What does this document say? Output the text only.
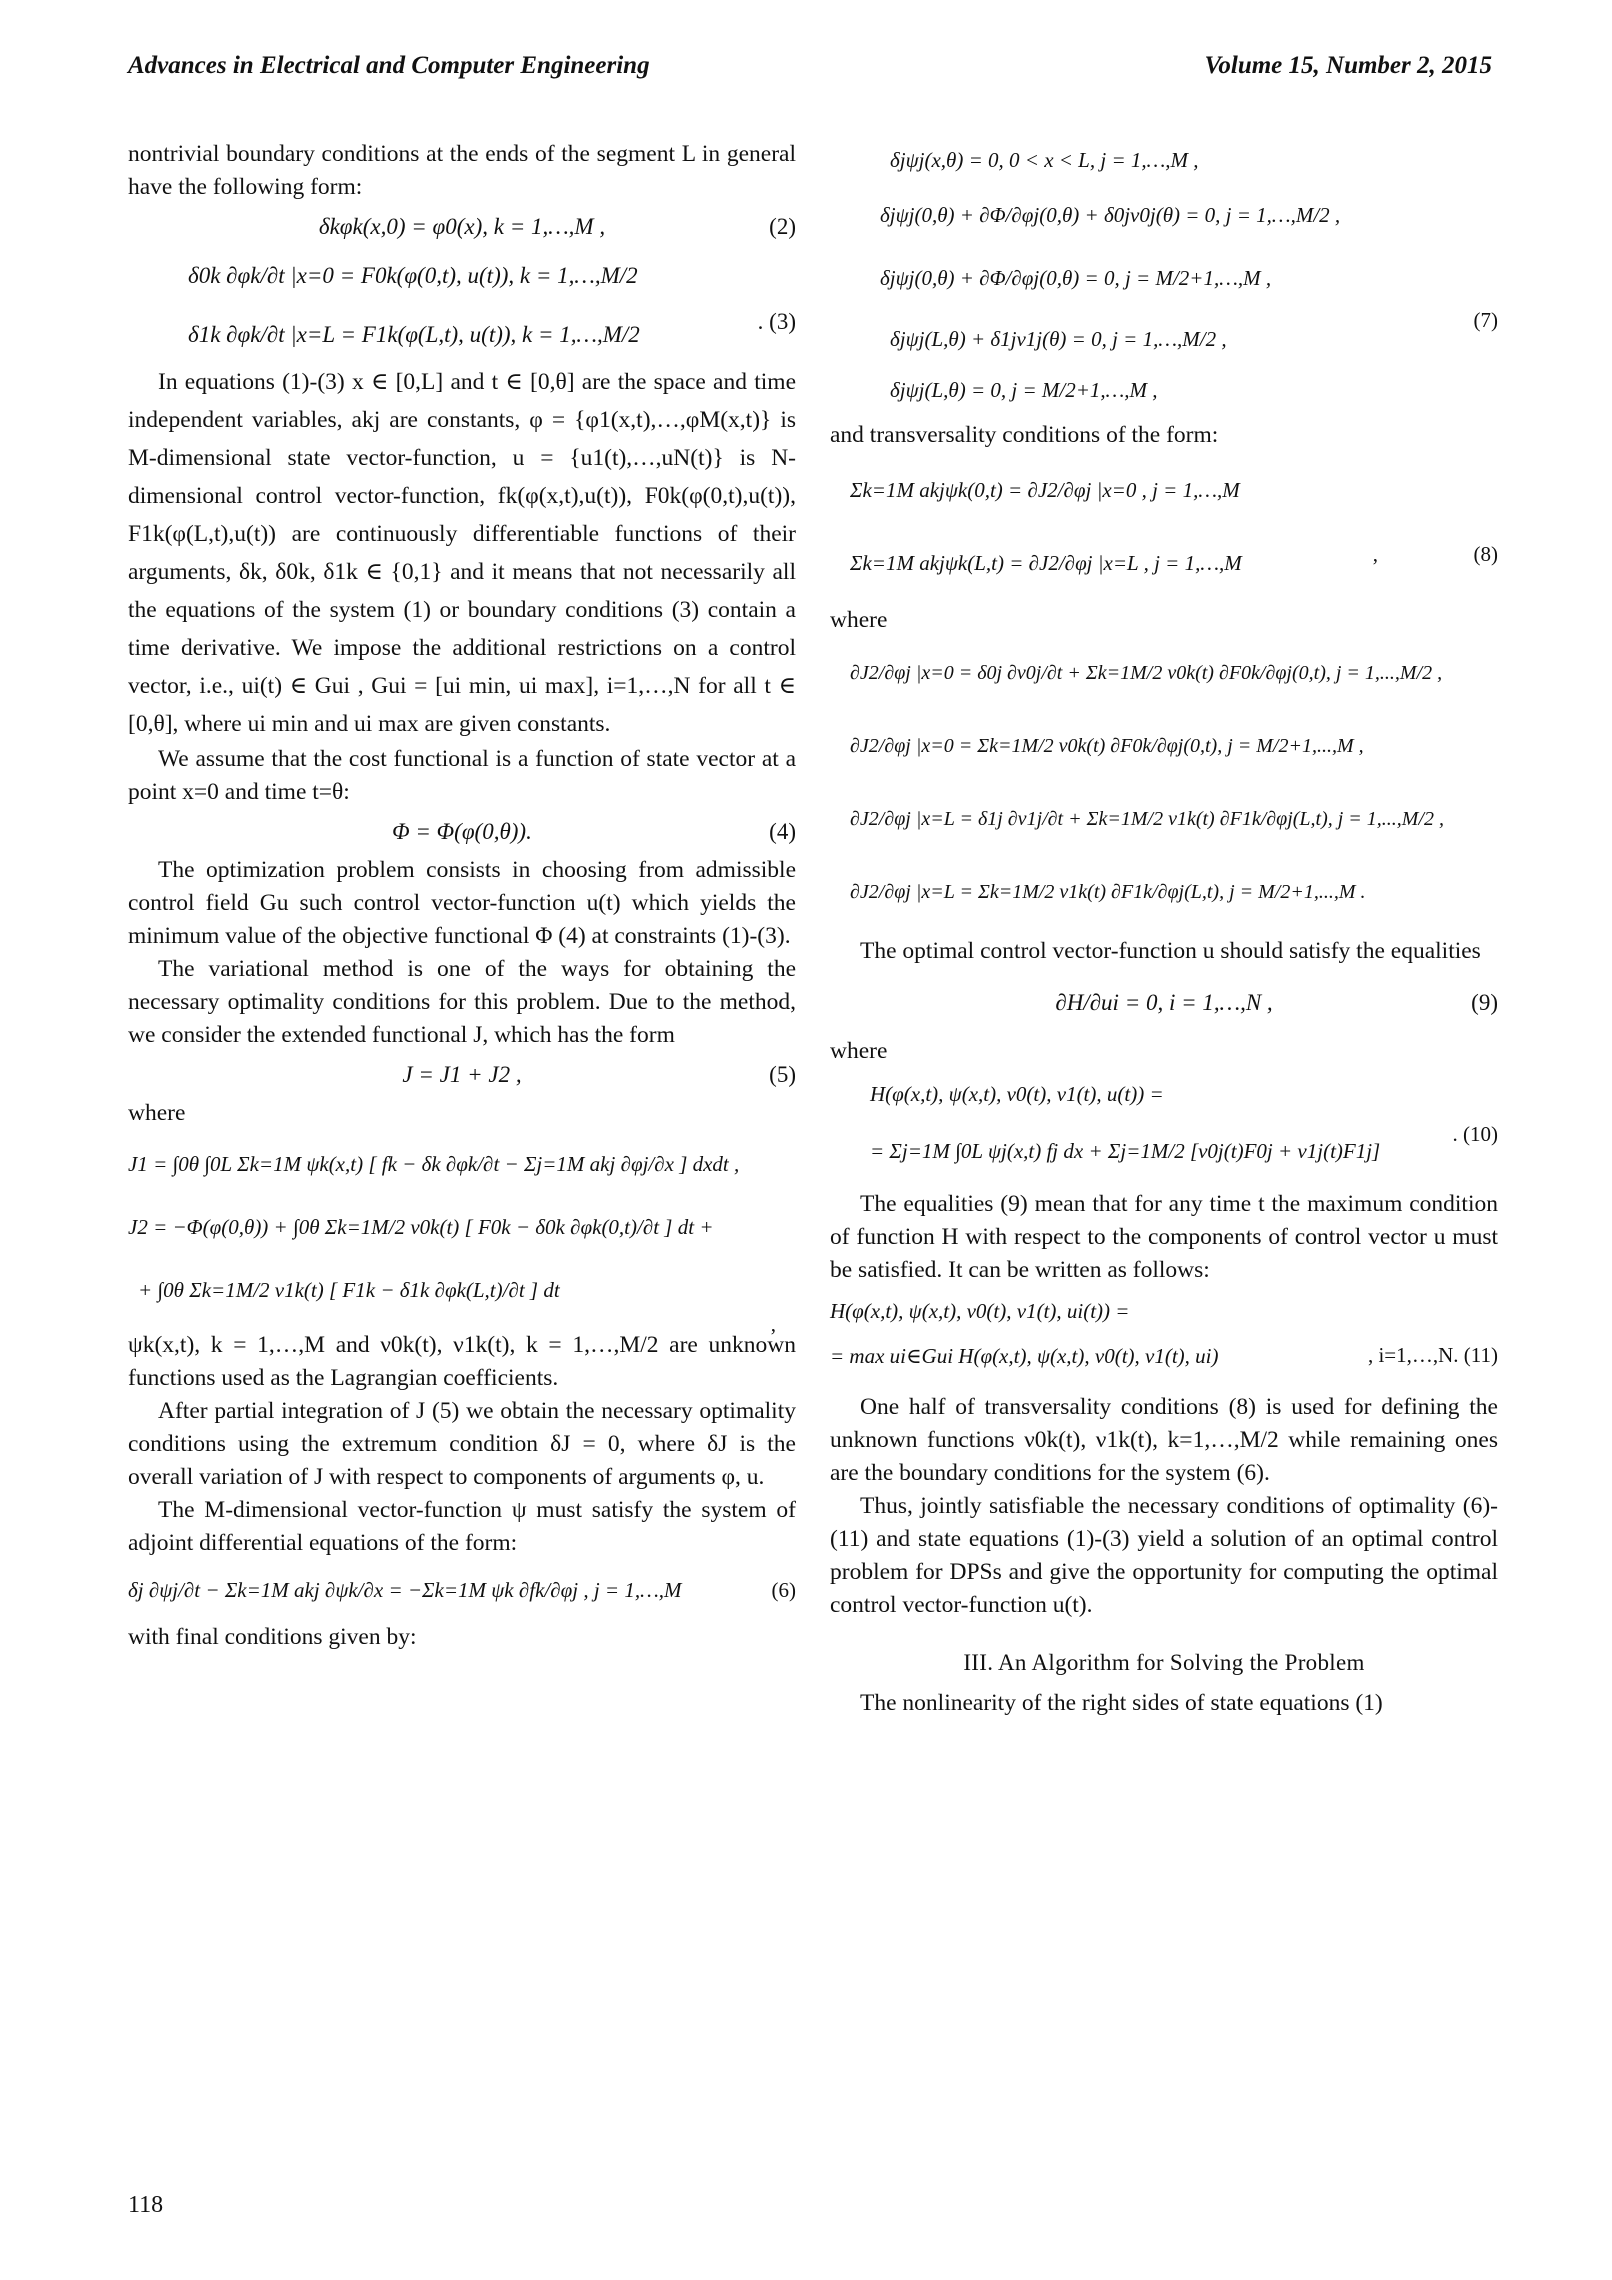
Advances in Electrical and Computer Engineering	Volume 15, Number 2, 2015

nontrivial boundary conditions at the ends of the segment L in general have the following form:

δkφk(x,0) = φ0(x), k = 1,…,M ,	(2)
δ0k ∂φk/∂t |x=0 = F0k(φ(0,t), u(t)), k = 1,…,M/2
δ1k ∂φk/∂t |x=L = F1k(φ(L,t), u(t)), k = 1,…,M/2
. (3)

In equations (1)-(3) x ∈ [0,L] and t ∈ [0,θ] are the space and time independent variables, akj are constants, φ = {φ1(x,t),…,φM(x,t)} is M-dimensional state vector-function, u = {u1(t),…,uN(t)} is N-dimensional control vector-function, fk(φ(x,t),u(t)), F0k(φ(0,t),u(t)), F1k(φ(L,t),u(t)) are continuously differentiable functions of their arguments, δk, δ0k, δ1k ∈ {0,1} and it means that not necessarily all the equations of the system (1) or boundary conditions (3) contain a time derivative. We impose the additional restrictions on a control vector, i.e., ui(t) ∈ Gui , Gui = [ui min, ui max], i=1,…,N for all t ∈ [0,θ], where ui min and ui max are given constants.

We assume that the cost functional is a function of state vector at a point x=0 and time t=θ:

Φ = Φ(φ(0,θ)).	(4)

The optimization problem consists in choosing from admissible control field Gu such control vector-function u(t) which yields the minimum value of the objective functional Φ (4) at constraints (1)-(3).

The variational method is one of the ways for obtaining the necessary optimality conditions for this problem. Due to the method, we consider the extended functional J, which has the form

J = J1 + J2 ,	(5)

where

J1 = ∫0θ ∫0L Σk=1M ψk(x,t) [ fk − δk ∂φk/∂t − Σj=1M akj ∂φj/∂x ] dxdt ,
J2 = −Φ(φ(0,θ)) + ∫0θ Σk=1M/2 ν0k(t) [ F0k − δ0k ∂φk(0,t)/∂t ] dt +
+ ∫0θ Σk=1M/2 ν1k(t) [ F1k − δ1k ∂φk(L,t)/∂t ] dt
,

ψk(x,t), k = 1,…,M and ν0k(t), ν1k(t), k = 1,…,M/2 are unknown functions used as the Lagrangian coefficients.

After partial integration of J (5) we obtain the necessary optimality conditions using the extremum condition δJ = 0, where δJ is the overall variation of J with respect to components of arguments φ, u.

The M-dimensional vector-function ψ must satisfy the system of adjoint differential equations of the form:

δj ∂ψj/∂t − Σk=1M akj ∂ψk/∂x = −Σk=1M ψk ∂fk/∂φj , j = 1,…,M	(6)

with final conditions given by:

δjψj(x,θ) = 0, 0 < x < L, j = 1,…,M ,
δjψj(0,θ) + ∂Φ/∂φj(0,θ) + δ0jν0j(θ) = 0, j = 1,…,M/2 ,
δjψj(0,θ) + ∂Φ/∂φj(0,θ) = 0, j = M/2+1,…,M ,
(7)
δjψj(L,θ) + δ1jν1j(θ) = 0, j = 1,…,M/2 ,
δjψj(L,θ) = 0, j = M/2+1,…,M ,

and transversality conditions of the form:

Σk=1M akjψk(0,t) = ∂J2/∂φj |x=0 , j = 1,…,M
Σk=1M akjψk(L,t) = ∂J2/∂φj |x=L , j = 1,…,M	,	(8)

where

∂J2/∂φj |x=0 = δ0j ∂ν0j/∂t + Σk=1M/2 ν0k(t) ∂F0k/∂φj(0,t), j = 1,...,M/2 ,
∂J2/∂φj |x=0 = Σk=1M/2 ν0k(t) ∂F0k/∂φj(0,t), j = M/2+1,...,M ,
∂J2/∂φj |x=L = δ1j ∂ν1j/∂t + Σk=1M/2 ν1k(t) ∂F1k/∂φj(L,t), j = 1,...,M/2 ,
∂J2/∂φj |x=L = Σk=1M/2 ν1k(t) ∂F1k/∂φj(L,t), j = M/2+1,...,M .

The optimal control vector-function u should satisfy the equalities

∂H/∂ui = 0, i = 1,…,N ,	(9)

where

H(φ(x,t), ψ(x,t), ν0(t), ν1(t), u(t)) =
= Σj=1M ∫0L ψj(x,t) fj dx + Σj=1M/2 [ν0j(t)F0j + ν1j(t)F1j]
. (10)

The equalities (9) mean that for any time t the maximum condition of function H with respect to the components of control vector u must be satisfied. It can be written as follows:

H(φ(x,t), ψ(x,t), ν0(t), ν1(t), ui(t)) =
= max ui∈Gui H(φ(x,t), ψ(x,t), ν0(t), ν1(t), ui)	, i=1,…,N. (11)

One half of transversality conditions (8) is used for defining the unknown functions ν0k(t), ν1k(t), k=1,…,M/2 while remaining ones are the boundary conditions for the system (6).

Thus, jointly satisfiable the necessary conditions of optimality (6)-(11) and state equations (1)-(3) yield a solution of an optimal control problem for DPSs and give the opportunity for computing the optimal control vector-function u(t).

III. An Algorithm for Solving the Problem

The nonlinearity of the right sides of state equations (1)

118
